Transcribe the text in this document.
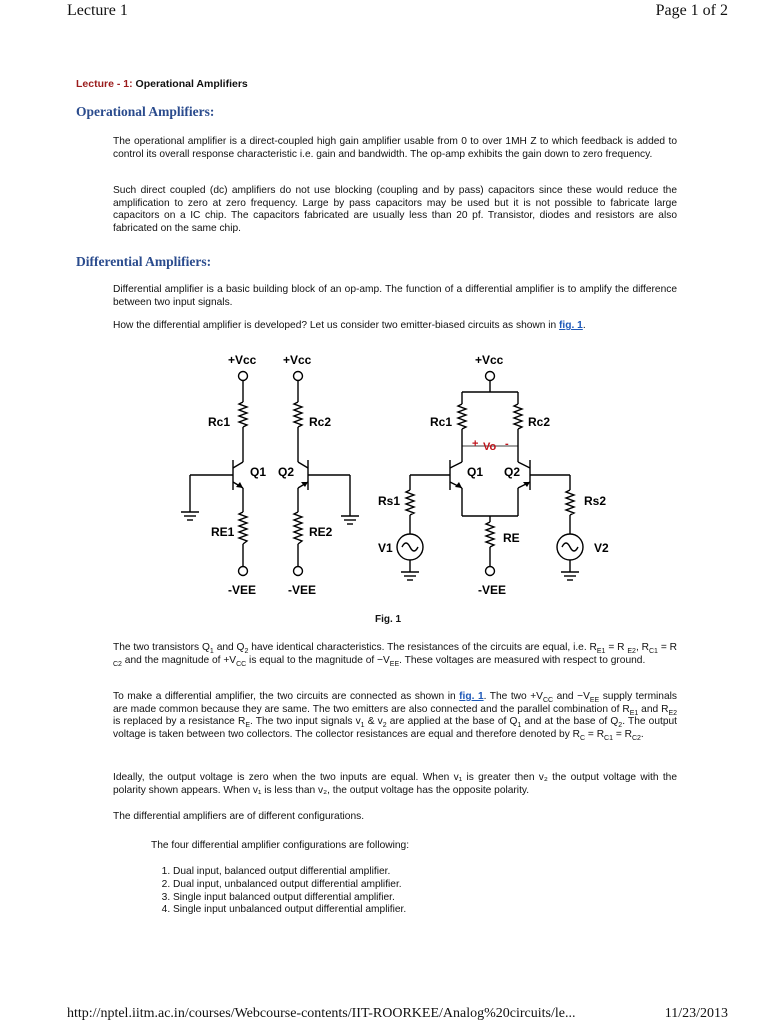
Lecture 1	Page 1 of 2
Lecture - 1: Operational Amplifiers
Operational Amplifiers:

The operational amplifier is a direct-coupled high gain amplifier usable from 0 to over 1MH Z to which feedback is added to control its overall response characteristic i.e. gain and bandwidth. The op-amp exhibits the gain down to zero frequency.

Such direct coupled (dc) amplifiers do not use blocking (coupling and by pass) capacitors since these would reduce the amplification to zero at zero frequency. Large by pass capacitors may be used but it is not possible to fabricate large capacitors on a IC chip. The capacitors fabricated are usually less than 20 pf. Transistor, diodes and resistors are also fabricated on the same chip.

Differential Amplifiers:

Differential amplifier is a basic building block of an op-amp. The function of a differential amplifier is to amplify the difference between two input signals.

How the differential amplifier is developed? Let us consider two emitter-biased circuits as shown in fig. 1.

+Vcc +Vcc	+Vcc
Rc1	Rc2	Rc1	Rc2
Q1 Q2	Q1 Q2
RE1	RE2
Rs1	Rs2
RE
V1	V2
-VEE	-VEE	-VEE
+ Vo -
Fig. 1

The two transistors $Q_1$ and $Q_2$ have identical characteristics. The resistances of the circuits are equal, i.e. $R_{E1} = R$ $_{E2}$, $R_{C1} = R$ $_{C2}$ and the magnitude of $+V_{CC}$ is equal to the magnitude of $-V_{EE}$. These voltages are measured with respect to ground.

To make a differential amplifier, the two circuits are connected as shown in fig. 1. The two $+V_{CC}$ and $-V_{EE}$ supply terminals are made common because they are same. The two emitters are also connected and the parallel combination of $R_{E1}$ and $R_{E2}$ is replaced by a resistance $R_E$. The two input signals $v_1$ & $v_2$ are applied at the base of $Q_1$ and at the base of $Q_2$. The output voltage is taken between two collectors. The collector resistances are equal and therefore denoted by $R_C = R_{C1} = R_{C2}$.

Ideally, the output voltage is zero when the two inputs are equal. When v₁ is greater then v₂ the output voltage with the polarity shown appears. When v₁ is less than v₂, the output voltage has the opposite polarity.

The differential amplifiers are of different configurations.

The four differential amplifier configurations are following:

1. Dual input, balanced output differential amplifier.
2. Dual input, unbalanced output differential amplifier.
3. Single input balanced output differential amplifier.
4. Single input unbalanced output differential amplifier.
http://nptel.iitm.ac.in/courses/Webcourse-contents/IIT-ROORKEE/Analog%20circuits/le...	11/23/2013
